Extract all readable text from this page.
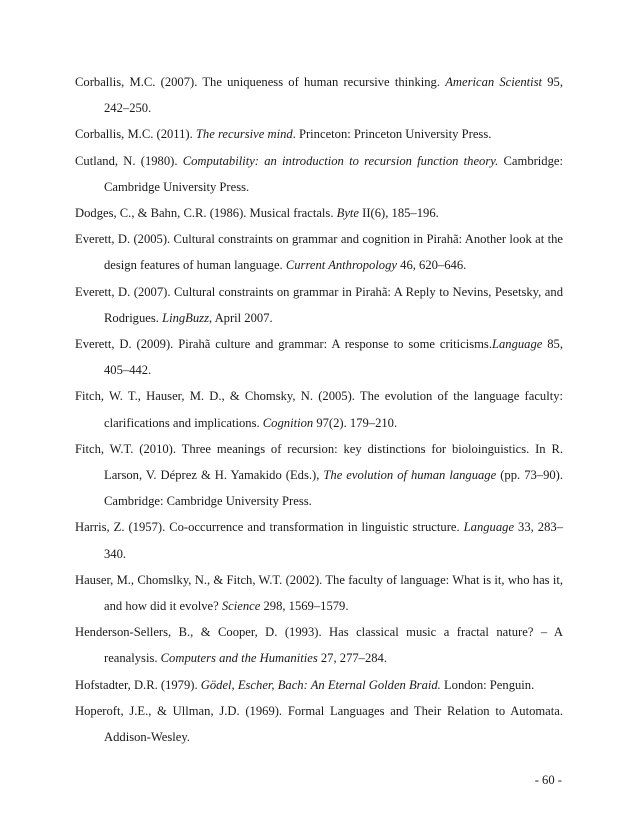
Corballis, M.C. (2007). The uniqueness of human recursive thinking. American Scientist 95, 242–250.
Corballis, M.C. (2011). The recursive mind. Princeton: Princeton University Press.
Cutland, N. (1980). Computability: an introduction to recursion function theory. Cambridge: Cambridge University Press.
Dodges, C., & Bahn, C.R. (1986). Musical fractals. Byte II(6), 185–196.
Everett, D. (2005). Cultural constraints on grammar and cognition in Pirahã: Another look at the design features of human language. Current Anthropology 46, 620–646.
Everett, D. (2007). Cultural constraints on grammar in Pirahã: A Reply to Nevins, Pesetsky, and Rodrigues. LingBuzz, April 2007.
Everett, D. (2009). Pirahã culture and grammar: A response to some criticisms.Language 85, 405–442.
Fitch, W. T., Hauser, M. D., & Chomsky, N. (2005). The evolution of the language faculty: clarifications and implications. Cognition 97(2). 179–210.
Fitch, W.T. (2010). Three meanings of recursion: key distinctions for bioloinguistics. In R. Larson, V. Déprez & H. Yamakido (Eds.), The evolution of human language (pp. 73–90). Cambridge: Cambridge University Press.
Harris, Z. (1957). Co-occurrence and transformation in linguistic structure. Language 33, 283–340.
Hauser, M., Chomslky, N., & Fitch, W.T. (2002). The faculty of language: What is it, who has it, and how did it evolve? Science 298, 1569–1579.
Henderson-Sellers, B., & Cooper, D. (1993). Has classical music a fractal nature? – A reanalysis. Computers and the Humanities 27, 277–284.
Hofstadter, D.R. (1979). Gödel, Escher, Bach: An Eternal Golden Braid. London: Penguin.
Hoperoft, J.E., & Ullman, J.D. (1969). Formal Languages and Their Relation to Automata. Addison-Wesley.
- 60 -
